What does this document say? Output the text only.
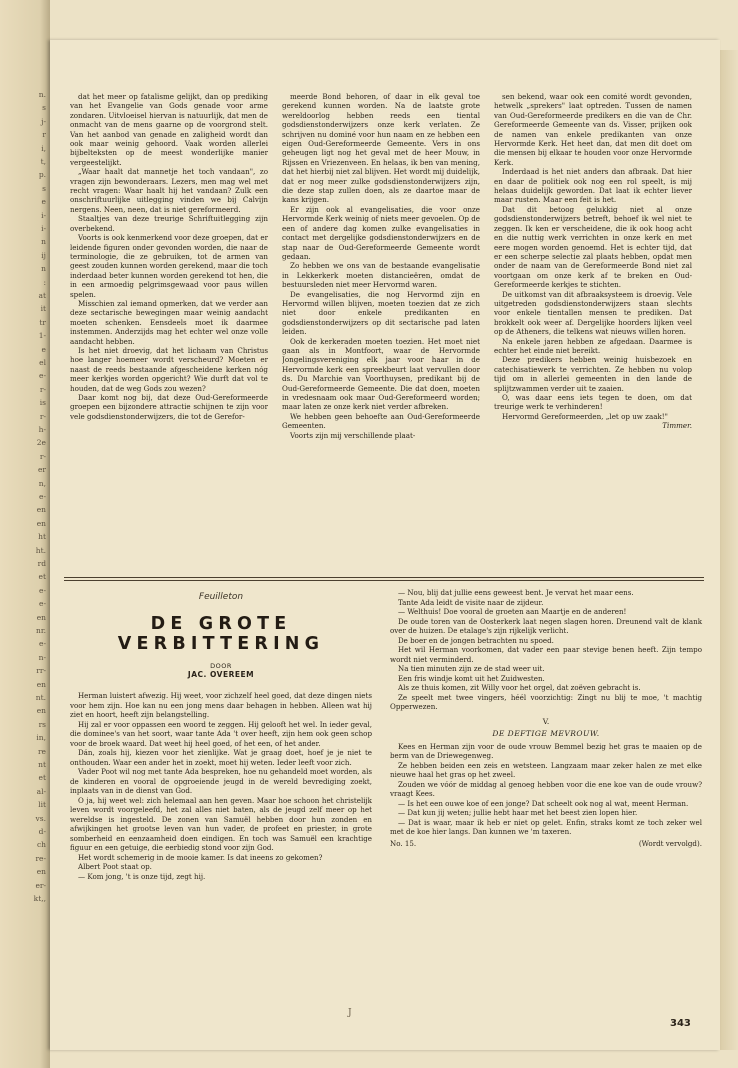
n.
s
j-
r
i,
t,
p.
s
e
i-
i-
n
ij
n
:
at
it
tr
1-
e
el
e-
r-
is
r-
h-
2e
r-
er
n,
e-
en
en
ht
ht.
rd
et
e-
e-
en
nr.
e-
n-
rr-
en
nt.
en
rs
in,
re
nt
et
al-
lit
vs.
d-
ch
re-
en
er-
kt,,

dat het meer op fatalisme gelijkt, dan op prediking van het Evangelie van Gods genade voor arme zondaren. Uitvloeisel hiervan is natuurlijk, dat men de onmacht van de mens gaarne op de voorgrond stelt. Van het aanbod van genade en zaligheid wordt dan ook maar weinig gehoord. Vaak worden allerlei bijbelteksten op de meest wonderlijke manier vergeestelijkt.

„Waar haalt dat mannetje het toch vandaan", zo vragen zijn bewonderaars. Lezers, men mag wel met recht vragen: Waar haalt hij het vandaan? Zulk een onschriftuurlijke uitlegging vinden we bij Calvijn nergens. Neen, neen, dat is niet gereformeerd.

Staaltjes van deze treurige Schriftuitlegging zijn overbekend.

Voorts is ook kenmerkend voor deze groepen, dat er leidende figuren onder gevonden worden, die naar de terminologie, die ze gebruiken, tot de armen van geest zouden kunnen worden gerekend, maar die toch inderdaad beter kunnen worden gerekend tot hen, die in een armoedig pelgrimsgewaad voor paus willen spelen.

Misschien zal iemand opmerken, dat we verder aan deze sectarische bewegingen maar weinig aandacht moeten schenken. Eensdeels moet ik daarmee instemmen. Anderzijds mag het echter wel onze volle aandacht hebben.

Is het niet droevig, dat het lichaam van Christus hoe langer hoemeer wordt verscheurd? Moeten er naast de reeds bestaande afgescheidene kerken nóg meer kerkjes worden opgericht? Wie durft dat vol te houden, dat de weg Gods zou wezen?

Daar komt nog bij, dat deze Oud-Gereformeerde groepen een bijzondere attractie schijnen te zijn voor vele godsdienstonderwijzers, die tot de Gerefor-

meerde Bond behoren, of daar in elk geval toe gerekend kunnen worden. Na de laatste grote wereldoorlog hebben reeds een tiental godsdienstonderwijzers onze kerk verlaten. Ze schrijven nu dominé voor hun naam en ze hebben een eigen Oud-Gereformeerde Gemeente. Vers in ons geheugen ligt nog het geval met de heer Mouw, in Rijssen en Vriezenveen. En helaas, ik ben van mening, dat het hierbij niet zal blijven. Het wordt mij duidelijk, dat er nog meer zulke godsdienstonderwijzers zijn, die deze stap zullen doen, als ze daartoe maar de kans krijgen.

Er zijn ook al evangelisaties, die voor onze Hervormde Kerk weinig of niets meer gevoelen. Op de een of andere dag komen zulke evangelisaties in contact met dergelijke godsdienstonderwijzers en de stap naar de Oud-Gereformeerde Gemeente wordt gedaan.

Zo hebben we ons van de bestaande evangelisatie in Lekkerkerk moeten distancieëren, omdat de bestuursleden niet meer Hervormd waren.

De evangelisaties, die nog Hervormd zijn en Hervormd willen blijven, moeten toezien dat ze zich niet door enkele predikanten en godsdienstonderwijzers op dit sectarische pad laten leiden.

Ook de kerkeraden moeten toezien. Het moet niet gaan als in Montfoort, waar de Hervormde Jongelingsvereniging elk jaar voor haar in de Hervormde kerk een spreekbeurt laat vervullen door ds. Du Marchie van Voorthuysen, predikant bij de Oud-Gereformeerde Gemeente. Die dat doen, moeten in vredesnaam ook maar Oud-Gereformeerd worden; maar laten ze onze kerk niet verder afbreken.

We hebben geen behoefte aan Oud-Gereformeerde Gemeenten.

Voorts zijn mij verschillende plaat-

sen bekend, waar ook een comité wordt gevonden, hetwelk „sprekers" laat optreden. Tussen de namen van Oud-Gereformeerde predikers en die van de Chr. Gereformeerde Gemeente van ds. Visser, prijken ook de namen van enkele predikanten van onze Hervormde Kerk. Het heet dan, dat men dit doet om die mensen bij elkaar te houden voor onze Hervormde Kerk.

Inderdaad is het niet anders dan afbraak. Dat hier en daar de politiek ook nog een rol speelt, is mij helaas duidelijk geworden. Dat laat ik echter liever maar rusten. Maar een feit is het.

Dat dit betoog gelukkig niet al onze godsdienstonderwijzers betreft, behoef ik wel niet te zeggen. Ik ken er verscheidene, die ik ook hoog acht en die nuttig werk verrichten in onze kerk en met eere mogen worden genoemd. Het is echter tijd, dat er een scherpe selectie zal plaats hebben, opdat men onder de naam van de Gereformeerde Bond niet zal voortgaan om onze kerk af te breken en Oud-Gereformeerde kerkjes te stichten.

De uitkomst van dit afbraaksysteem is droevig. Vele uitgetreden godsdienstonderwijzers staan slechts voor enkele tientallen mensen te prediken. Dat brokkelt ook weer af. Dergelijke hoorders lijken veel op de Atheners, die telkens wat nieuws willen horen.

Na enkele jaren hebben ze afgedaan. Daarmee is echter het einde niet bereikt.

Deze predikers hebben weinig huisbezoek en catechisatiewerk te verrichten. Ze hebben nu volop tijd om in allerlei gemeenten in den lande de splijtzwammen verder uit te zaaien.

O, was daar eens iets tegen te doen, om dat treurige werk te verhinderen!

Hervormd Gereformeerden, „let op uw zaak!"
Timmer.

Feuilleton
DE GROTE VERBITTERING
DOOR
JAC. OVEREEM

Herman luistert afwezig. Hij weet, voor zichzelf heel goed, dat deze dingen niets voor hem zijn. Hoe kan nu een jong mens daar behagen in hebben. Alleen wat hij ziet en hoort, heeft zijn belangstelling.

Hij zal er voor oppassen een woord te zeggen. Hij gelooft het wel. In ieder geval, die dominee's van het soort, waar tante Ada 't over heeft, zijn hem ook geen schop voor de broek waard. Dat weet hij heel goed, of het een, of het ander.

Dán, zoals hij, kiezen voor het zienlijke. Wat je graag doet, hoef je je niet te onthouden. Waar een ander het in zoekt, moet hij weten. Ieder leeft voor zich.

Vader Poot wil nog met tante Ada bespreken, hoe nu gehandeld moet worden, als de kinderen en vooral de opgroeiende jeugd in de wereld bevrediging zoekt, inplaats van in de dienst van God.

O ja, hij weet wel: zich helemaal aan hen geven. Maar hoe schoon het christelijk leven wordt voorgeleefd, het zal alles niet baten, als de jeugd zelf meer op het wereldse is ingesteld. De zonen van Samuël hebben door hun zonden en afwijkingen het grootse leven van hun vader, de profeet en priester, in grote somberheid en eenzaamheid doen eindigen. En toch was Samuël een krachtige figuur en een getuige, die eerbiedig stond voor zijn God.

Het wordt schemerig in de mooie kamer. Is dat ineens zo gekomen?

Albert Poot staat op.

— Kom jong, 't is onze tijd, zegt hij.

J

— Nou, blij dat jullie eens geweest bent. Je vervat het maar eens.

Tante Ada leidt de visite naar de zijdeur.

— Welthuis! Doe vooral de groeten aan Maartje en de anderen!

De oude toren van de Oosterkerk laat negen slagen horen. Dreunend valt de klank over de huizen. De etalage's zijn rijkelijk verlicht.

De boer en de jongen betrachten nu spoed.

Het wil Herman voorkomen, dat vader een paar stevige benen heeft. Zijn tempo wordt niet verminderd.

Na tien minuten zijn ze de stad weer uit.

Een fris windje komt uit het Zuidwesten.

Als ze thuis komen, zit Willy voor het orgel, dat zoëven gebracht is.

Ze speelt met twee vingers, héél voorzichtig: Zingt nu blij te moe, 't machtig Opperwezen.

V.
DE DEFTIGE MEVROUW.

Kees en Herman zijn voor de oude vrouw Bemmel bezig het gras te maaien op de berm van de Driewegenweg.

Ze hebben beiden een zeis en wetsteen. Langzaam maar zeker halen ze met elke nieuwe haal het gras op het zweel.

Zouden we vóór de middag al genoeg hebben voor die ene koe van de oude vrouw? vraagt Kees.

— Is het een ouwe koe of een jonge? Dat scheelt ook nog al wat, meent Herman.

— Dat kun jij weten; jullie hebt haar met het beest zien lopen hier.

— Dat is waar, maar ik heb er niet op gelet. Enfin, straks komt ze toch zeker wel met de koe hier langs. Dan kunnen we 'm taxeren.

No. 15.	(Wordt vervolgd).
343
